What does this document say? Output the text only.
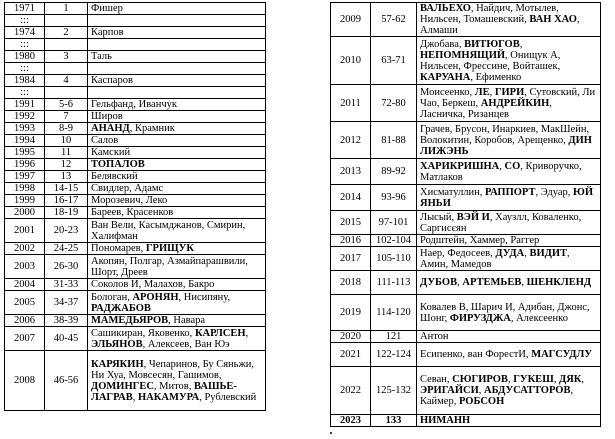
1971	1	Фишер
:::		
1974	2	Карпов
:::		
1980	3	Таль
:::		
1984	4	Каспаров
:::		
1991	5-6	Гельфанд, Иванчук
1992	7	Широв
1993	8-9	АНАНД, Крамник
1994	10	Салов
1995	11	Камский
1996	12	ТОПАЛОВ
1997	13	Белявский
1998	14-15	Свидлер, Адамс
1999	16-17	Морозевич, Леко
2000	18-19	Бареев, Красенков
2001	20-23	Ван Вели, Касымджанов, Смирин, Халифман
2002	24-25	Пономарев, ГРИЩУК
2003	26-30	Акопян, Полгар, Азмайпарашвили, Шорт, Дреев
2004	31-33	Соколов И, Малахов, Бакро
2005	34-37	Бологан, АРОНЯН, Нисипяну, РАДЖАБОВ
2006	38-39	МАМЕДЬЯРОВ, Навара
2007	40-45	Сашикиран, Яковенко, КАРЛСЕН, ЭЛЬЯНОВ, Алексеев, Ван Юэ
2008	46-56	КАРЯКИН, Чепаринов, Бу Сяньжи, Ни Хуа, Мовсесян, Гашимов, ДОМИНГЕС, Митов, ВАШЬЕ-ЛАГРАВ, НАКАМУРА, Рублевский
2009	57-62	ВАЛЬЕХО, Найдич, Мотылев, Нильсен, Томашевский, ВАН ХАО, Алмаши
2010	63-71	Джобава, ВИТЮГОВ, НЕПОМНЯЩИЙ, Онищук А, Нильсен, Фрессине, Войташек, КАРУАНА, Ефименко
2011	72-80	Моисеенко, ЛЕ, ГИРИ, Сутовский, Ли Чао, Беркеш, АНДРЕЙКИН, Ласничка, Ризанцев
2012	81-88	Грачев, Брусон, Инаркиев, МакШейн, Волокитин, Коробов, Арещенко, ДИН ЛИЖЭНЬ
2013	89-92	ХАРИКРИШНА, СО, Криворучко, Матлаков
2014	93-96	Хисматуллин, РАППОРТ, Эдуар, ЮЙ ЯНЬИ
2015	97-101	Лысый, ВЭЙ И, Хаузлл, Коваленко, Саргисєян
2016	102-104	Родштейн, Хаммер, Раггер
2017	105-110	Наер, Федосеев, ДУДА, ВИДИТ, Амин, Мамедов
2018	111-113	ДУБОВ, АРТЕМЬЕВ, ШЕНКЛЕНД
2019	114-120	Ковалев В, Шарич И, Адибан, Джонс, Шонг, ФИРУЗДЖА, Алексеенко
2020	121	Антон
2021	122-124	Есипенко, ван ФорестИ, МАГСУДЛУ
2022	125-132	Севан, СЮГИРОВ, ГУКЕШ, ДЯК, ЭРИГАЙСИ, АБДУСАТТОРОВ, Каймер, РОБСОН
2023	133	НИМАНН
